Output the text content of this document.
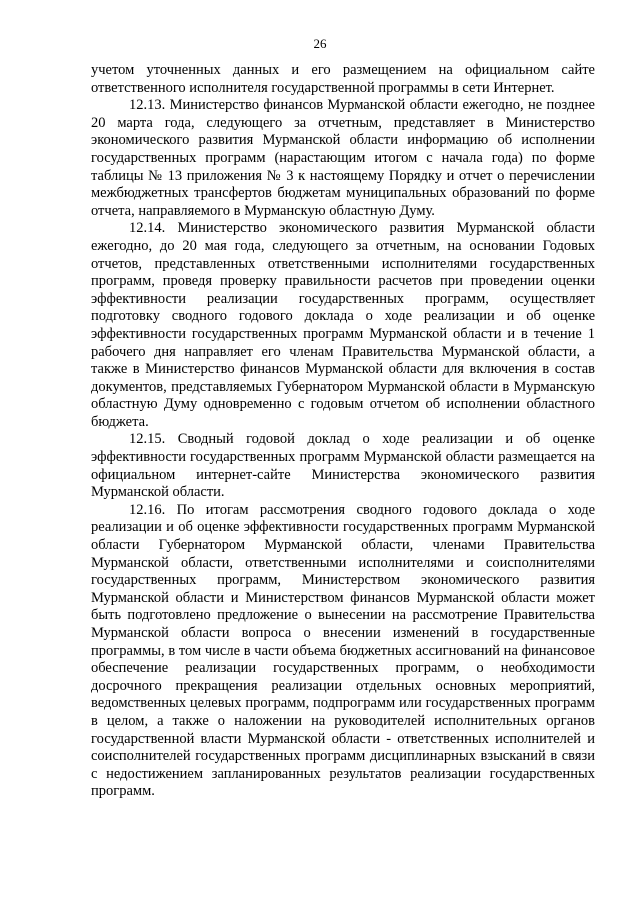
26

учетом уточненных данных и его размещением на официальном сайте ответственного исполнителя государственной программы в сети Интернет.

12.13. Министерство финансов Мурманской области ежегодно, не позднее 20 марта года, следующего за отчетным, представляет в Министерство экономического развития Мурманской области информацию об исполнении государственных программ (нарастающим итогом с начала года) по форме таблицы № 13 приложения № 3 к настоящему Порядку и отчет о перечислении межбюджетных трансфертов бюджетам муниципальных образований по форме отчета, направляемого в Мурманскую областную Думу.

12.14. Министерство экономического развития Мурманской области ежегодно, до 20 мая года, следующего за отчетным, на основании Годовых отчетов, представленных ответственными исполнителями государственных программ, проведя проверку правильности расчетов при проведении оценки эффективности реализации государственных программ, осуществляет подготовку сводного годового доклада о ходе реализации и об оценке эффективности государственных программ Мурманской области и в течение 1 рабочего дня направляет его членам Правительства Мурманской области, а также в Министерство финансов Мурманской области для включения в состав документов, представляемых Губернатором Мурманской области в Мурманскую областную Думу одновременно с годовым отчетом об исполнении областного бюджета.

12.15. Сводный годовой доклад о ходе реализации и об оценке эффективности государственных программ Мурманской области размещается на официальном интернет-сайте Министерства экономического развития Мурманской области.

12.16. По итогам рассмотрения сводного годового доклада о ходе реализации и об оценке эффективности государственных программ Мурманской области Губернатором Мурманской области, членами Правительства Мурманской области, ответственными исполнителями и соисполнителями государственных программ, Министерством экономического развития Мурманской области и Министерством финансов Мурманской области может быть подготовлено предложение о вынесении на рассмотрение Правительства Мурманской области вопроса о внесении изменений в государственные программы, в том числе в части объема бюджетных ассигнований на финансовое обеспечение реализации государственных программ, о необходимости досрочного прекращения реализации отдельных основных мероприятий, ведомственных целевых программ, подпрограмм или государственных программ в целом, а также о наложении на руководителей исполнительных органов государственной власти Мурманской области - ответственных исполнителей и соисполнителей государственных программ дисциплинарных взысканий в связи с недостижением запланированных результатов реализации государственных программ.
